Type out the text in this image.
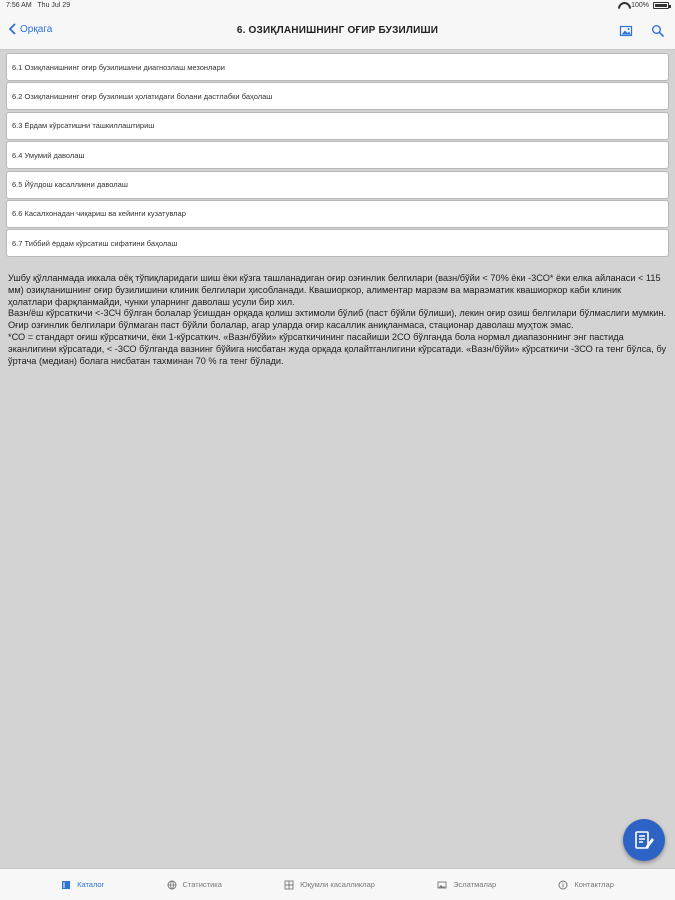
7:56 AM Thu Jul 29	100%
Орқага	6. ОЗИҚЛАНИШНИНГ ОҒИР БУЗИЛИШИ
6.1 Озиқланишнинг оғир бузилишини диагнозлаш мезонлари
6.2 Озиқланишнинг оғир бузилиши ҳолатидаги болани дастлабки баҳолаш
6.3 Ёрдам кўрсатишни ташкиллаштириш
6.4 Умумий даволаш
6.5 Йўлдош касалликни даволаш
6.6 Касалхонадан чиқариш ва кейинги кузатувлар
6.7 Тиббий ёрдам кўрсатиш сифатини баҳолаш

Ушбу қўлланмада иккала оёқ тўпиқларидаги шиш ёки кўзга ташланадиган оғир озғинлик белгилари (вазн/бўйи < 70% ёки -3СО* ёки елка айланаси < 115 мм) озиқланишнинг оғир бузилишини клиник белгилари ҳисобланади. Квашиоркор, алиментар мараэм ва мараэматик квашиоркор каби клиник ҳолатлари фарқланмайди, чунки уларнинг даволаш усули бир хил.

Вазн/ёш кўрсаткичи <-3СЧ бўлган болалар ўсишдан орқада қолиш эхтимоли бўлиб (паст бўйли бўлиши), лекин оғир озиш белгилари бўлмаслиги мумкин. Оғир озғинлик белгилари бўлмаган паст бўйли болалар, агар уларда оғир касаллик аниқланмаса, стационар даволаш муҳтож эмас.

*СО = стандарт оғиш кўрсаткичи, ёки 1-кўрсаткич. «Вазн/бўйи» кўрсаткичининг пасайиши 2СО бўлганда бола нормал диапазоннинг энг пастида эканлигини кўрсатади, < -3СО бўлганда вазнинг бўйига нисбатан жуда орқада қолайтганлигини кўрсатади. «Вазн/бўйи» кўрсаткичи -3СО га тенг бўлса, бу ўртача (медиан) болага нисбатан тахминан 70 % га тенг бўлади.

Каталог	Статистика	Юқумли касалликлар	Эслатмалар	Контактлар
